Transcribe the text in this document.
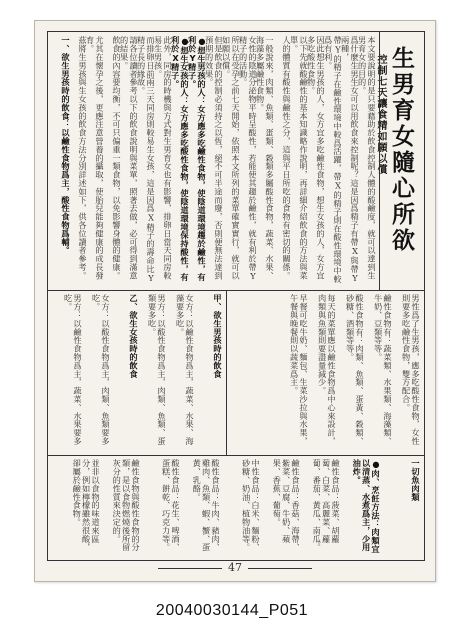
生男育女隨心所欲
控制七天讓食精如願以償
本文要說明的是只要藉助於飲食控制人體的酸鹼度，就可以達到生男育女的目的。
爲什麼生男生女可以用飲食來控制呢？這是因爲精子有帶X與帶Y兩種，
帶Y的精子在鹼性環境中較爲活躍，帶X的精子則在酸性環境中較爲有利。
因此想生男孩的人，女方宜多吃鹼性食物，想生女孩的人，女方宜多吃酸性食物。
以下先就酸鹼性的基本知識略作說明，再詳細介紹飲食的方法與菜單。
人的體質有酸性與鹼性之分，這與平日所吃的食物有密切的關係。
一般說來，肉類、魚類、蛋類、穀類多屬酸性食物，蔬菜、水果、海藻多屬鹼性食物。
女性的陰道分泌物平時呈酸性，若能使其趨於鹼性，就有利於帶Y精子的活動。
所以在受孕之前七天開始，依照本文所列的菜單確實實行，就可以如願以償。
但是飲食的控制必須持之以恆，絕不可半途而廢，否則便無法達到預期的效果。
●想生男孩的人：女方應多吃鹼性食物，使陰道環境趨於鹼性，有利於Y精子。
●想生女孩的人：女方應多吃酸性食物，使陰道環境保持酸性，有利於X精子。
此外，同房的時機與方式對生男育女也有影響，排卵日當天同房較易生男孩。
而排卵日前兩三天同房則較易生女孩，這是因爲X精子的壽命比Y精子長的緣故。
請各位讀者參考以下的飲食說明與菜單，照著去做，必可得到滿意的結果。
飲食的內容要均衡，不可只偏重一類食物，以免影響身體的健康。
尤其在懷孕之後，更應注意營養的攝取，使胎兒能夠健康的成長發育。
茲將生男孩與生女孩的飲食方法分別詳述如下，供各位讀者參考。
一、欲生男孩時的飲食：以鹼性食物爲主，酸性食物爲輔。
男性爲了生男孩，應多吃酸性食物，女性則要多吃鹼性食物，雙方配合。
鹼性食物有：蔬菜類、水果類、海藻類、牛奶、豆類等等。
酸性食物有：肉類、魚類、蛋黃、穀類、砂糖、酒類等等。
每天的菜單應以鹼性食物爲中心來設計，肉類與魚類則要盡量減少。
早餐可吃牛奶、麵包、生菜沙拉與水果，午餐與晚餐則以蔬菜爲主。
甲、欲生男孩時的飲食
女方：以鹼性食物爲主，蔬菜、水果、海藻要多吃。
男方：以酸性食物爲主，肉類、魚類、蛋類要多吃。
乙、欲生女孩時的飲食
女方：以酸性食物爲主，肉類、魚類要多吃。
男方：以鹼性食物爲主，蔬菜、水果要多吃。
一切魚肉類
●肉、烹飪方法：肉類宜以清蒸、水煮爲主，少用油炸。
鹼性食品：菠菜、胡蘿蔔、白菜、高麗菜、蘿蔔、番茄、黃瓜、南瓜。
鹼性食品：香菇、海帶、紫菜、豆腐、牛奶、蘋果、香蕉、葡萄。
中性食品：白米、麵粉、砂糖、奶油、植物油等。
酸性食品：牛肉、豬肉、雞肉、魚類、蝦、蟹、蛋黃、乳酪。
酸性食品：花生、啤酒、蛋糕、餅乾、巧克力等。
鹼性食物與酸性食物的分類，是以食物燃燒後所留灰分的性質來決定的。
並非以食物的味道來區分，例如檸檬雖然很酸，卻屬於鹼性食物。
47
20040030144_P051
